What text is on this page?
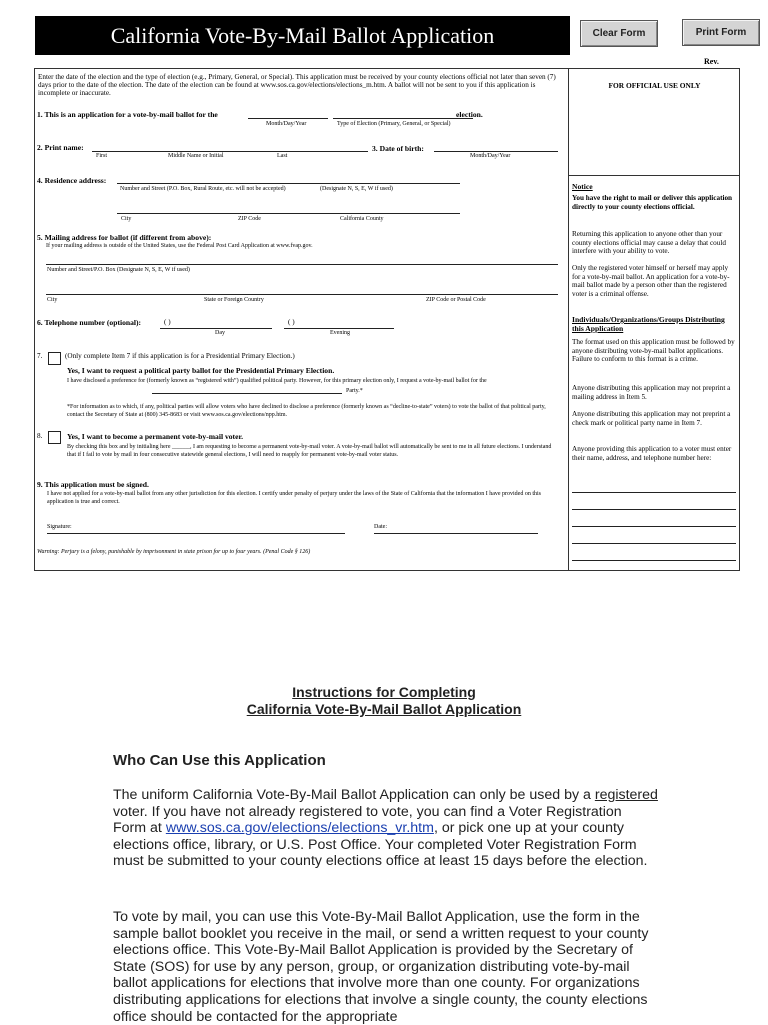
California Vote-By-Mail Ballot Application	Clear Form	Print Form
Rev.
FOR OFFICIAL USE ONLY
Enter the date of the election and the type of election (e.g., Primary, General, or Special). This application must be received by your county elections official not later than seven (7) days prior to the date of the election. The date of the election can be found at www.sos.ca.gov/elections/elections_m.htm. A ballot will not be sent to you if this application is incomplete or inaccurate.
1. This is an application for a vote-by-mail ballot for the	election.
Month/Day/Year	Type of Election (Primary, General, or Special)
2. Print name:
First	Middle Name or Initial	Last
3. Date of birth:
Month/Day/Year
4. Residence address:
Number and Street (P.O. Box, Rural Route, etc. will not be accepted)	(Designate N, S, E, W if used)
City	ZIP Code	California County
5. Mailing address for ballot (if different from above):
If your mailing address is outside of the United States, use the Federal Post Card Application at www.fvap.gov.
Number and Street/P.O. Box (Designate N, S, E, W if used)
City	State or Foreign Country	ZIP Code or Postal Code
6. Telephone number (optional):	( )
Day
( )
Evening
7.	(Only complete Item 7 if this application is for a Presidential Primary Election.)
Yes, I want to request a political party ballot for the Presidential Primary Election.
I have disclosed a preference for (formerly known as “registered with”) qualified political party. However, for this primary election only, I request a vote-by-mail ballot for the
Party.*
*For information as to which, if any, political parties will allow voters who have declined to disclose a preference (formerly known as “decline-to-state” voters) to vote the ballot of that political party, contact the Secretary of State at (800) 345-8683 or visit www.sos.ca.gov/elections/npp.htm.
8.	Yes, I want to become a permanent vote-by-mail voter.
By checking this box and by initialing here ______, I am requesting to become a permanent vote-by-mail voter. A vote-by-mail ballot will automatically be sent to me in all future elections. I understand that if I fail to vote by mail in four consecutive statewide general elections, I will need to reapply for permanent vote-by-mail voter status.
9. This application must be signed.
I have not applied for a vote-by-mail ballot from any other jurisdiction for this election. I certify under penalty of perjury under the laws of the State of California that the information I have provided on this application is true and correct.
Signature:	Date:
Warning: Perjury is a felony, punishable by imprisonment in state prison for up to four years. (Penal Code § 126)
Notice
You have the right to mail or deliver this application directly to your county elections official.
Returning this application to anyone other than your county elections official may cause a delay that could interfere with your ability to vote.
Only the registered voter himself or herself may apply for a vote-by-mail ballot. An application for a vote-by-mail ballot made by a person other than the registered voter is a criminal offense.
Individuals/Organizations/Groups Distributing this Application
The format used on this application must be followed by anyone distributing vote-by-mail ballot applications. Failure to conform to this format is a crime.
Anyone distributing this application may not preprint a mailing address in Item 5.
Anyone distributing this application may not preprint a check mark or political party name in Item 7.
Anyone providing this application to a voter must enter their name, address, and telephone number here:
Instructions for Completing
California Vote-By-Mail Ballot Application
Who Can Use this Application
The uniform California Vote-By-Mail Ballot Application can only be used by a registered voter. If you have not already registered to vote, you can find a Voter Registration Form at www.sos.ca.gov/elections/elections_vr.htm, or pick one up at your county elections office, library, or U.S. Post Office. Your completed Voter Registration Form must be submitted to your county elections office at least 15 days before the election.
To vote by mail, you can use this Vote-By-Mail Ballot Application, use the form in the sample ballot booklet you receive in the mail, or send a written request to your county elections office. This Vote-By-Mail Ballot Application is provided by the Secretary of State (SOS) for use by any person, group, or organization distributing vote-by-mail ballot applications for elections that involve more than one county. For organizations distributing applications for elections that involve a single county, the county elections office should be contacted for the appropriate
